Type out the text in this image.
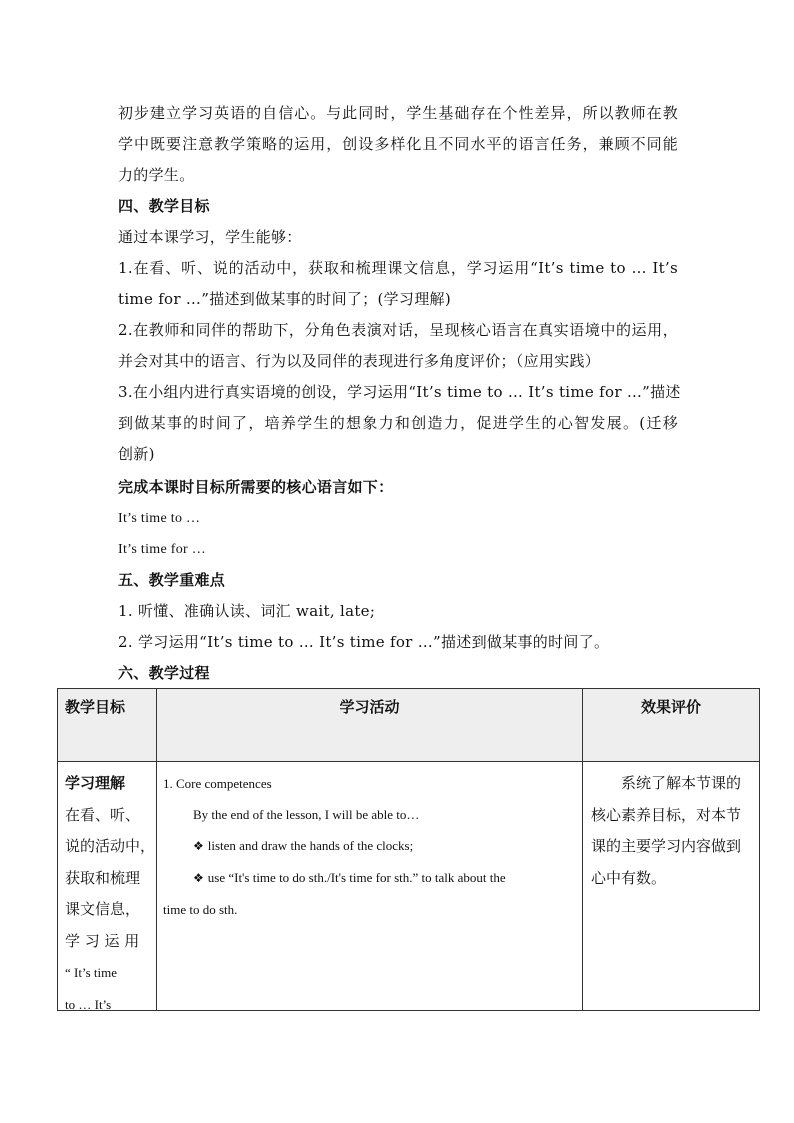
初步建立学习英语的自信心。与此同时，学生基础存在个性差异，所以教师在教
学中既要注意教学策略的运用，创设多样化且不同水平的语言任务，兼顾不同能
力的学生。
四、教学目标
通过本课学习，学生能够：
1.在看、听、说的活动中，获取和梳理课文信息，学习运用“It’s time to … It’s
time for …”描述到做某事的时间了；(学习理解)
2.在教师和同伴的帮助下，分角色表演对话，呈现核心语言在真实语境中的运用，
并会对其中的语言、行为以及同伴的表现进行多角度评价；（应用实践）
3.在小组内进行真实语境的创设，学习运用“It’s time to … It’s time for …”描述
到做某事的时间了，培养学生的想象力和创造力，促进学生的心智发展。(迁移
创新)
完成本课时目标所需要的核心语言如下：
It’s time to …
It’s time for …
五、教学重难点
1. 听懂、准确认读、词汇 wait, late;
2. 学习运用“It’s time to … It’s time for …”描述到做某事的时间了。
六、教学过程
教学目标	学习活动	效果评价
学习理解
在看、听、
说的活动中，
获取和梳理
课文信息，
学 习 运 用
“ It’s time
to … It’s
1. Core competences
By the end of the lesson, I will be able to…
❖ listen and draw the hands of the clocks;
❖ use “It's time to do sth./It's time for sth.” to talk about the
time to do sth.
系统了解本节课的
核心素养目标，对本节
课的主要学习内容做到
心中有数。
